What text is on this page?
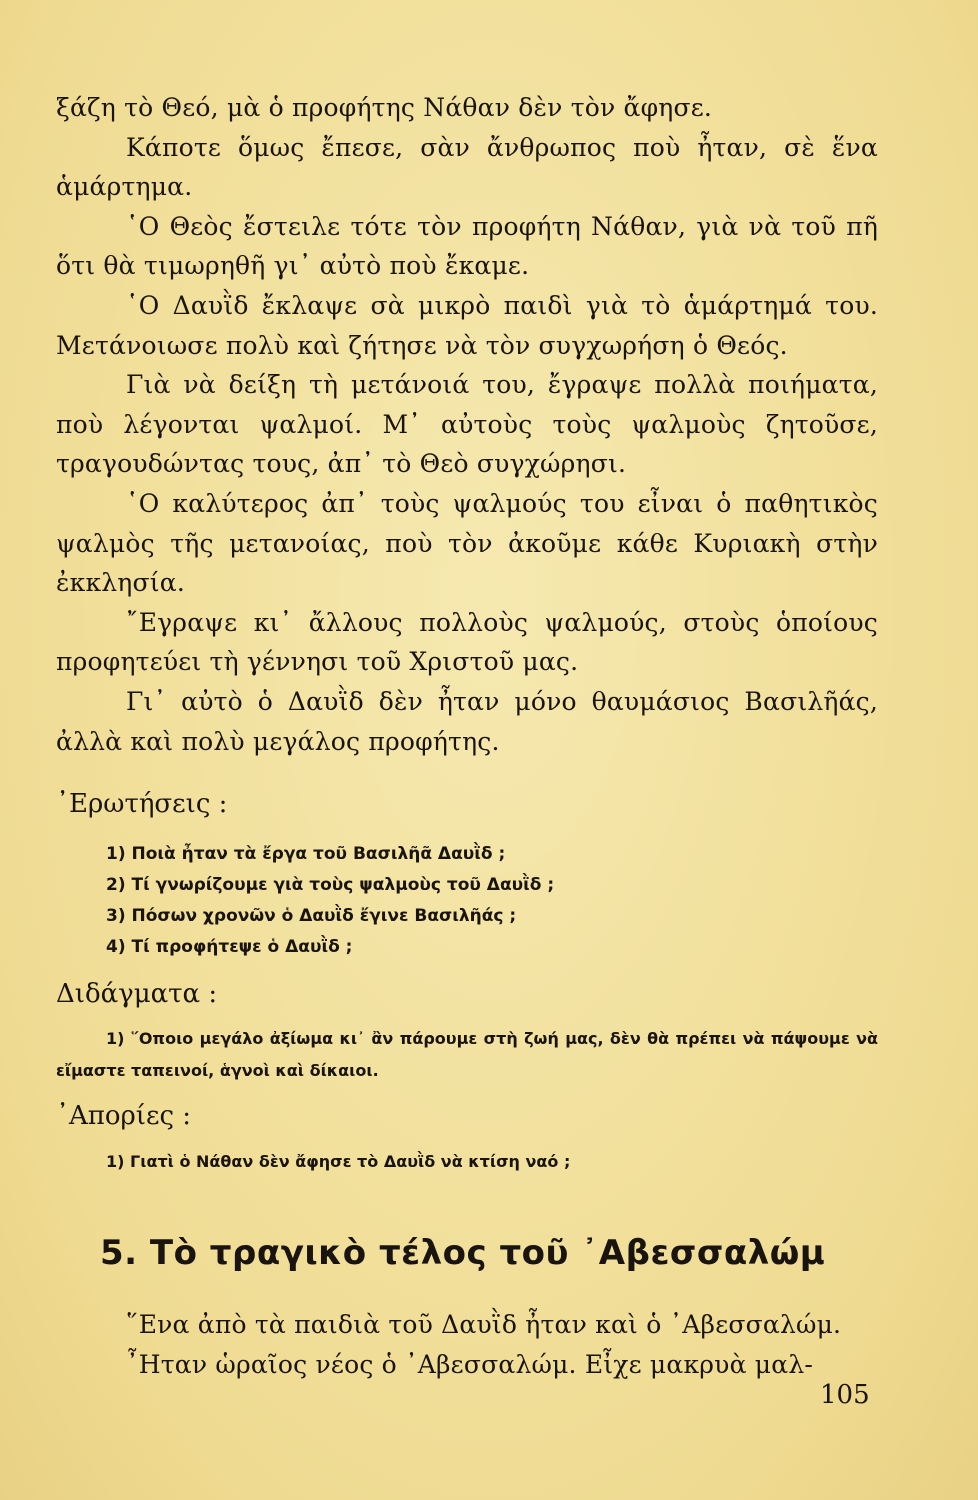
ξάζη τὸ Θεό, μὰ ὁ προφήτης Νάθαν δὲν τὸν ἄφησε.

Κάποτε ὅμως ἔπεσε, σὰν ἄνθρωπος ποὺ ἦταν, σὲ ἕνα ἁμάρτημα.

῾Ο Θεὸς ἔστειλε τότε τὸν προφήτη Νάθαν, γιὰ νὰ τοῦ πῆ ὅτι θὰ τιμωρηθῆ γι᾽ αὐτὸ ποὺ ἔκαμε.

῾Ο Δαυῒδ ἔκλαψε σὰ μικρὸ παιδὶ γιὰ τὸ ἁμάρτημά του. Μετάνοιωσε πολὺ καὶ ζήτησε νὰ τὸν συγχωρήση ὁ Θεός.

Γιὰ νὰ δείξη τὴ μετάνοιά του, ἔγραψε πολλὰ ποιήματα, ποὺ λέγονται ψαλμοί. Μ᾽ αὐτοὺς τοὺς ψαλμοὺς ζητοῦσε, τραγουδώντας τους, ἀπ᾽ τὸ Θεὸ συγχώρησι.

῾Ο καλύτερος ἀπ᾽ τοὺς ψαλμούς του εἶναι ὁ παθητικὸς ψαλμὸς τῆς μετανοίας, ποὺ τὸν ἀκοῦμε κάθε Κυριακὴ στὴν ἐκκλησία.

῎Εγραψε κι᾽ ἄλλους πολλοὺς ψαλμούς, στοὺς ὁποίους προφητεύει τὴ γέννησι τοῦ Χριστοῦ μας.

Γι᾽ αὐτὸ ὁ Δαυῒδ δὲν ἦταν μόνο θαυμάσιος Βασιλῆάς, ἀλλὰ καὶ πολὺ μεγάλος προφήτης.

᾿Ερωτήσεις :

1) Ποιὰ ἦταν τὰ ἔργα τοῦ Βασιλῆᾶ Δαυῒδ ;
2) Τί γνωρίζουμε γιὰ τοὺς ψαλμοὺς τοῦ Δαυῒδ ;
3) Πόσων χρονῶν ὁ Δαυῒδ ἔγινε Βασιλῆάς ;
4) Τί προφήτεψε ὁ Δαυῒδ ;

Διδάγματα :

1) ῞Οποιο μεγάλο ἀξίωμα κι᾽ ἂν πάρουμε στὴ ζωή μας, δὲν θὰ πρέπει νὰ πάψουμε νὰ εἴμαστε ταπεινοί, ἁγνοὶ καὶ δίκαιοι.

᾿Απορίες :

1) Γιατὶ ὁ Νάθαν δὲν ἄφησε τὸ Δαυῒδ νὰ κτίση ναό ;

5. Τὸ τραγικὸ τέλος τοῦ ᾿Αβεσσαλώμ

῞Ενα ἀπὸ τὰ παιδιὰ τοῦ Δαυῒδ ἦταν καὶ ὁ ᾿Αβεσσαλώμ.

῏Ηταν ὡραῖος νέος ὁ ᾿Αβεσσαλώμ. Εἶχε μακρυὰ μαλ-

105
